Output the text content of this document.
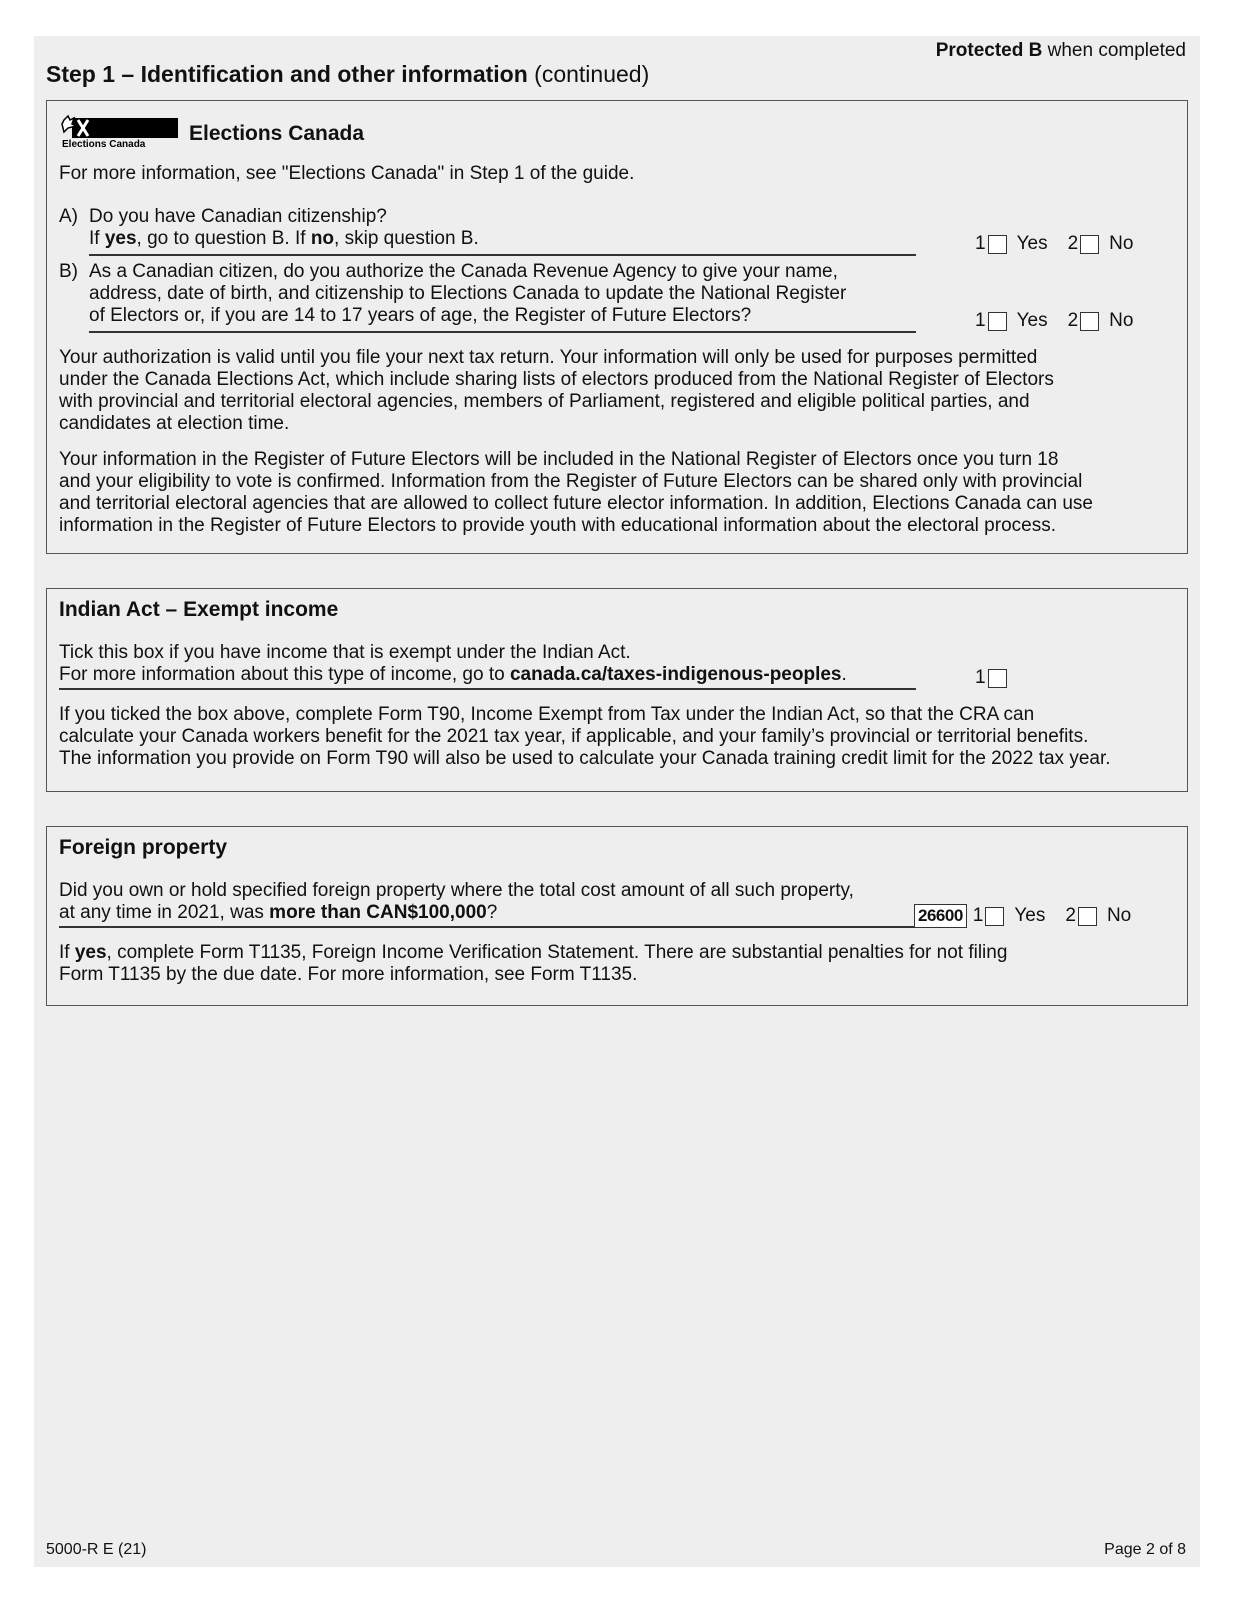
Protected B when completed
Step 1 – Identification and other information (continued)
Elections Canada Elections Canada
For more information, see "Elections Canada" in Step 1 of the guide.
A) Do you have Canadian citizenship?
If yes, go to question B. If no, skip question B.	1 Yes 2 No
B) As a Canadian citizen, do you authorize the Canada Revenue Agency to give your name,
address, date of birth, and citizenship to Elections Canada to update the National Register
of Electors or, if you are 14 to 17 years of age, the Register of Future Electors?	1 Yes 2 No
Your authorization is valid until you file your next tax return. Your information will only be used for purposes permitted
under the Canada Elections Act, which include sharing lists of electors produced from the National Register of Electors
with provincial and territorial electoral agencies, members of Parliament, registered and eligible political parties, and
candidates at election time.
Your information in the Register of Future Electors will be included in the National Register of Electors once you turn 18
and your eligibility to vote is confirmed. Information from the Register of Future Electors can be shared only with provincial
and territorial electoral agencies that are allowed to collect future elector information. In addition, Elections Canada can use
information in the Register of Future Electors to provide youth with educational information about the electoral process.
Indian Act – Exempt income
Tick this box if you have income that is exempt under the Indian Act.
For more information about this type of income, go to canada.ca/taxes-indigenous-peoples.	1
If you ticked the box above, complete Form T90, Income Exempt from Tax under the Indian Act, so that the CRA can
calculate your Canada workers benefit for the 2021 tax year, if applicable, and your family’s provincial or territorial benefits.
The information you provide on Form T90 will also be used to calculate your Canada training credit limit for the 2022 tax year.
Foreign property
Did you own or hold specified foreign property where the total cost amount of all such property,
at any time in 2021, was more than CAN$100,000?	26600 1 Yes 2 No
If yes, complete Form T1135, Foreign Income Verification Statement. There are substantial penalties for not filing
Form T1135 by the due date. For more information, see Form T1135.
5000-R E (21)	Page 2 of 8
